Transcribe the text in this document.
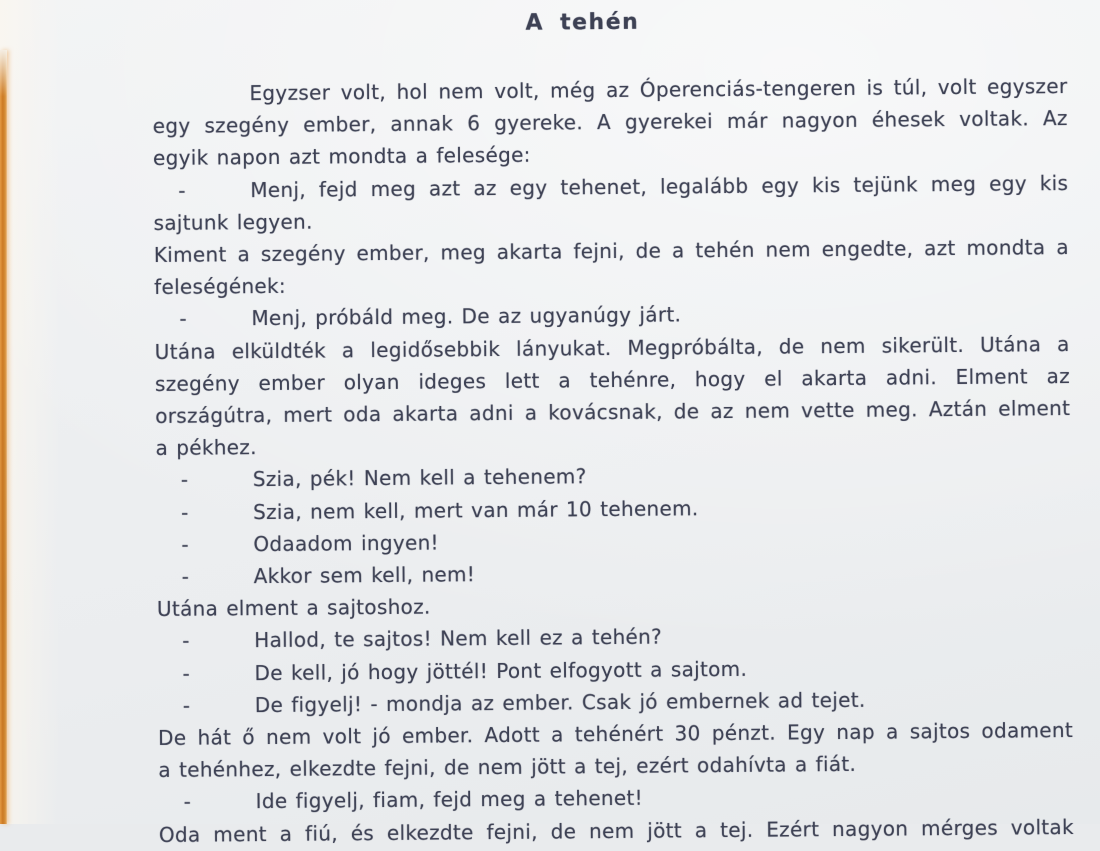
A tehén
Egyzser volt, hol nem volt, még az Óperenciás-tengeren is túl, volt egyszer
egy szegény ember, annak 6 gyereke. A gyerekei már nagyon éhesek voltak. Az
egyik napon azt mondta a felesége:
-	Menj, fejd meg azt az egy tehenet, legalább egy kis tejünk meg egy kis
sajtunk legyen.
Kiment a szegény ember, meg akarta fejni, de a tehén nem engedte, azt mondta a
feleségének:
-	Menj, próbáld meg. De az ugyanúgy járt.
Utána elküldték a legidősebbik lányukat. Megpróbálta, de nem sikerült. Utána a
szegény ember olyan ideges lett a tehénre, hogy el akarta adni. Elment az
országútra, mert oda akarta adni a kovácsnak, de az nem vette meg. Aztán elment
a pékhez.
-	Szia, pék! Nem kell a tehenem?
-	Szia, nem kell, mert van már 10 tehenem.
-	Odaadom ingyen!
-	Akkor sem kell, nem!
Utána elment a sajtoshoz.
-	Hallod, te sajtos! Nem kell ez a tehén?
-	De kell, jó hogy jöttél! Pont elfogyott a sajtom.
-	De figyelj! - mondja az ember. Csak jó embernek ad tejet.
De hát ő nem volt jó ember. Adott a tehénért 30 pénzt. Egy nap a sajtos odament
a tehénhez, elkezdte fejni, de nem jött a tej, ezért odahívta a fiát.
-	Ide figyelj, fiam, fejd meg a tehenet!
Oda ment a fiú, és elkezdte fejni, de nem jött a tej. Ezért nagyon mérges voltak
